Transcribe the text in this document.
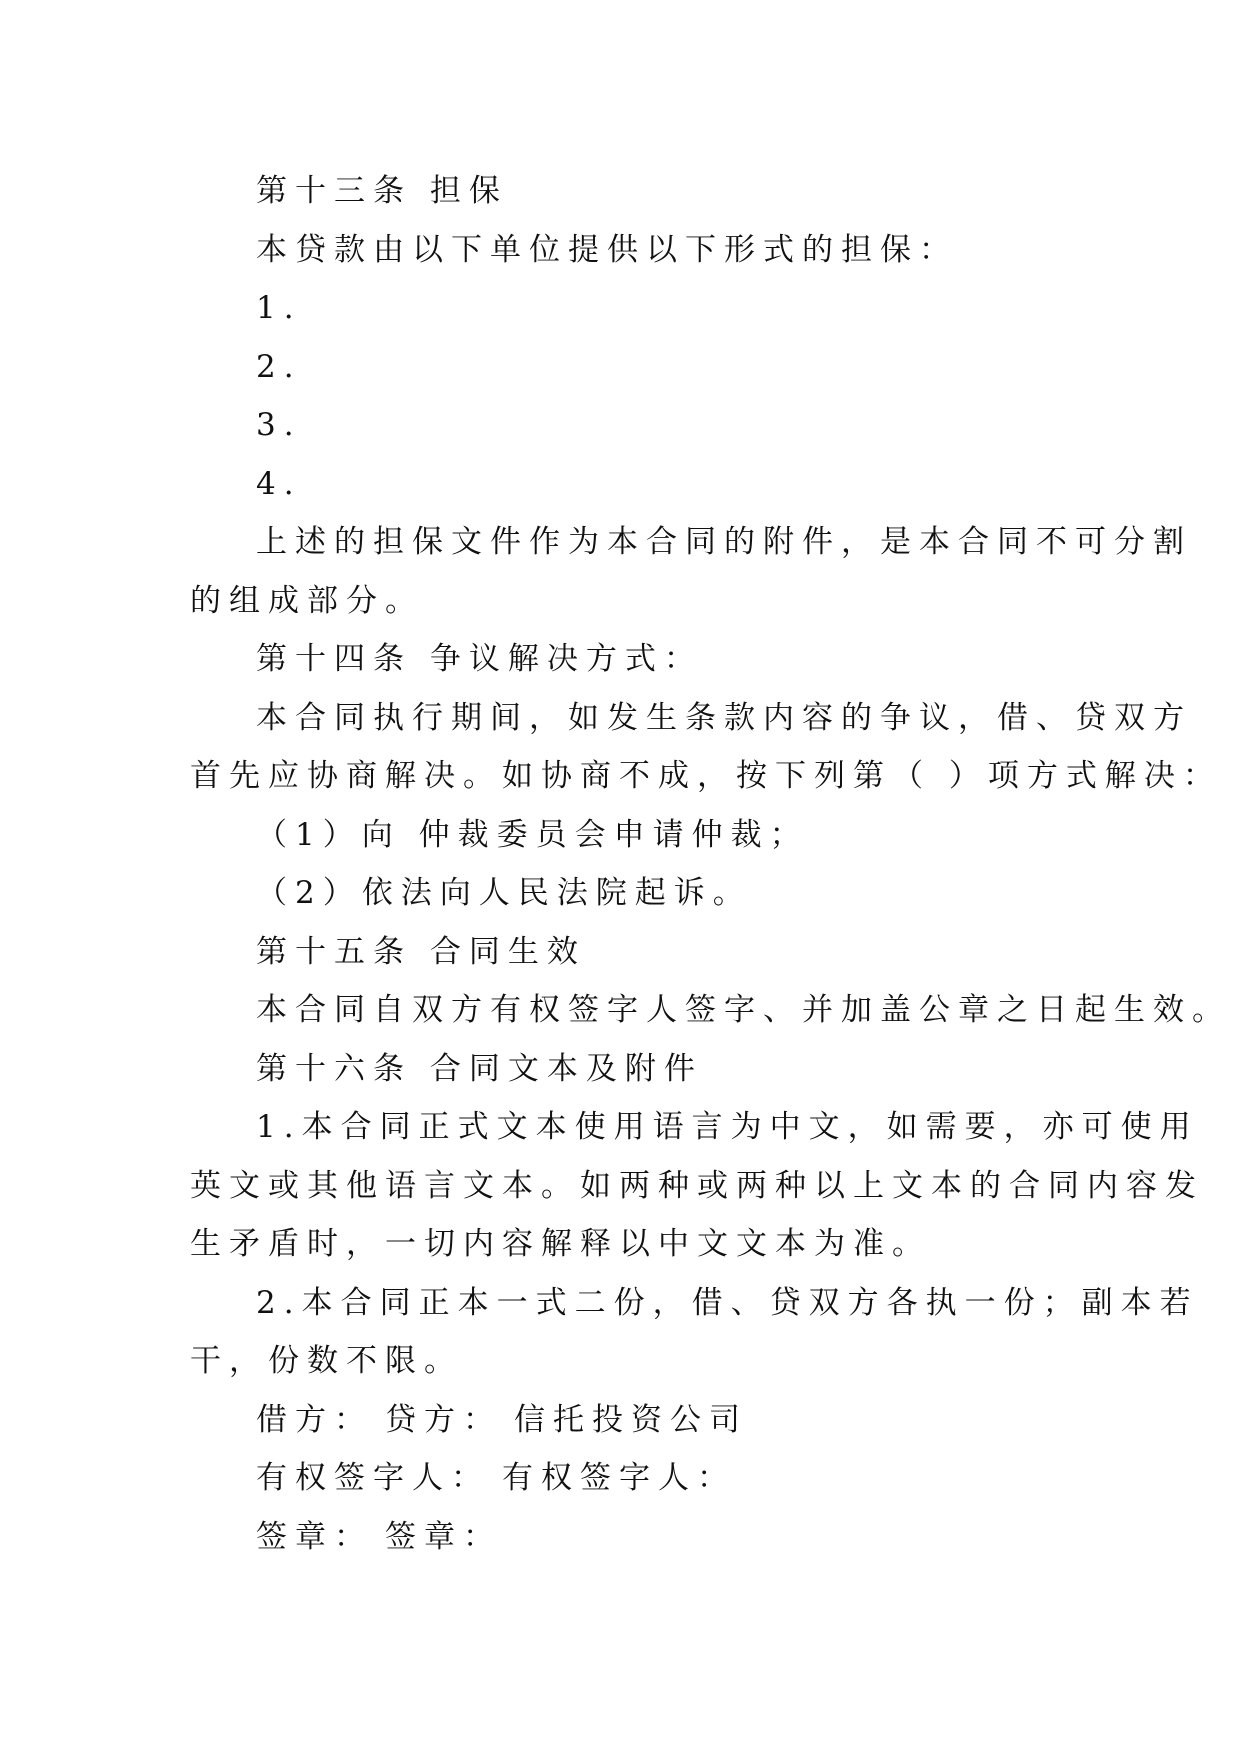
第十三条 担保
本贷款由以下单位提供以下形式的担保：
1.
2.
3.
4.
上述的担保文件作为本合同的附件，是本合同不可分割
的组成部分。
第十四条 争议解决方式：
本合同执行期间，如发生条款内容的争议，借、贷双方
首先应协商解决。如协商不成，按下列第（ ）项方式解决：
（1）向 仲裁委员会申请仲裁；
（2）依法向人民法院起诉。
第十五条 合同生效
本合同自双方有权签字人签字、并加盖公章之日起生效。
第十六条 合同文本及附件
1.本合同正式文本使用语言为中文，如需要，亦可使用
英文或其他语言文本。如两种或两种以上文本的合同内容发
生矛盾时，一切内容解释以中文文本为准。
2.本合同正本一式二份，借、贷双方各执一份；副本若
干，份数不限。
借方： 贷方： 信托投资公司
有权签字人： 有权签字人：
签章： 签章：
